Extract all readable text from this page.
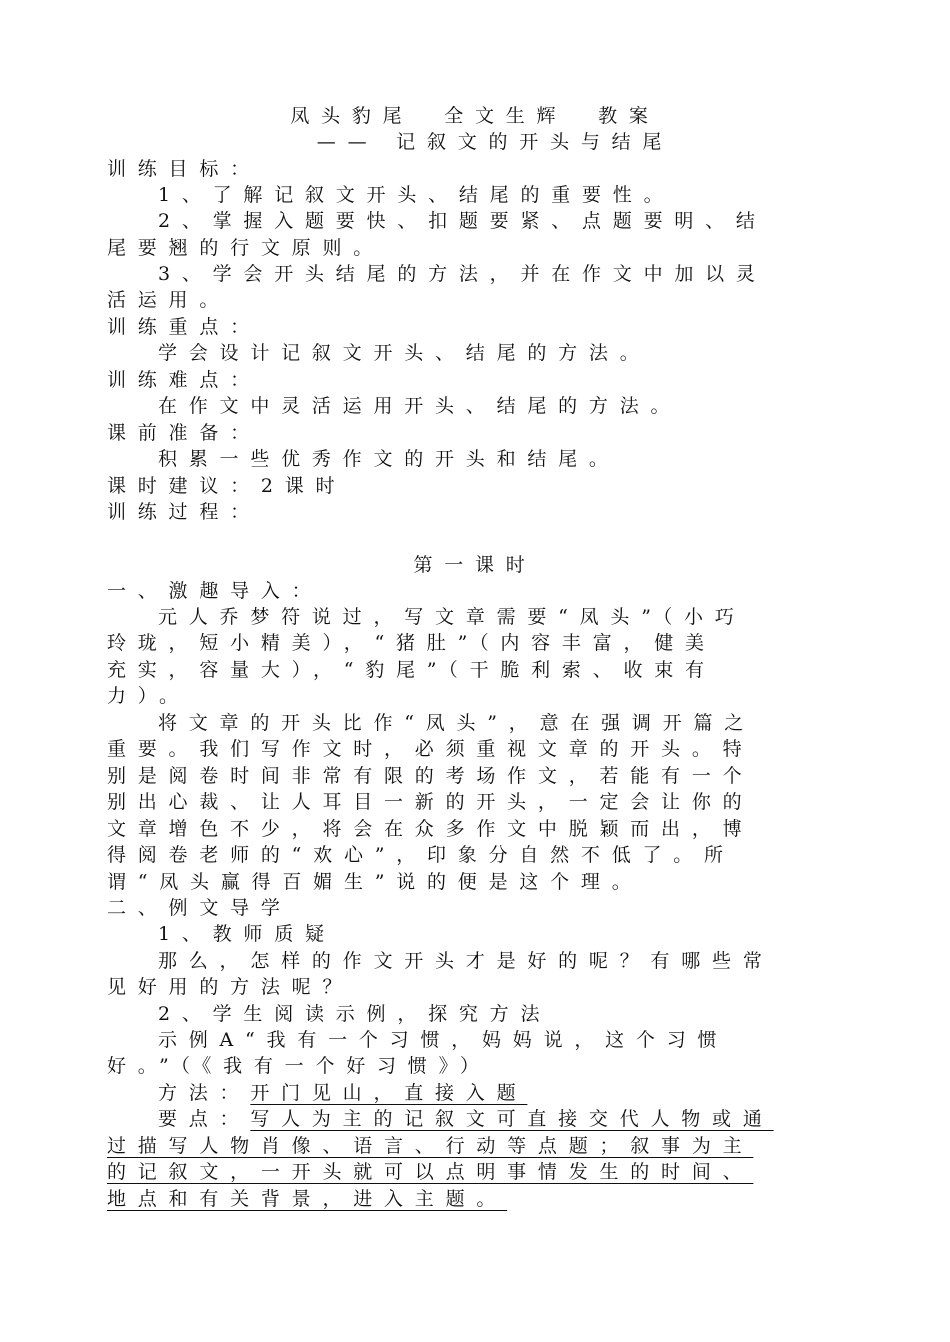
凤头豹尾　全文生辉　教案
—— 记叙文的开头与结尾
训练目标：
1、了解记叙文开头、结尾的重要性。
2、掌握入题要快、扣题要紧、点题要明、结
尾要翘的行文原则。
3、学会开头结尾的方法，并在作文中加以灵
活运用。
训练重点：
学会设计记叙文开头、结尾的方法。
训练难点：
在作文中灵活运用开头、结尾的方法。
课前准备：
积累一些优秀作文的开头和结尾。
课时建议：2课时
训练过程：
第一课时
一、激趣导入：
元人乔梦符说过，写文章需要“凤头”（小巧
玲珑，短小精美），“猪肚”（内容丰富，健美
充实，容量大），“豹尾”（干脆利索、收束有
力）。
将文章的开头比作“凤头”，意在强调开篇之
重要。我们写作文时，必须重视文章的开头。特
别是阅卷时间非常有限的考场作文，若能有一个
别出心裁、让人耳目一新的开头，一定会让你的
文章增色不少，将会在众多作文中脱颖而出，博
得阅卷老师的“欢心”，印象分自然不低了。所
谓“凤头赢得百媚生”说的便是这个理。
二、例文导学
1、教师质疑
那么，怎样的作文开头才是好的呢？有哪些常
见好用的方法呢？
2、学生阅读示例，探究方法
示例A“我有一个习惯，妈妈说，这个习惯
好。”（《我有一个好习惯》）
方法：开门见山，直接入题
要点：写人为主的记叙文可直接交代人物或通
过描写人物肖像、语言、行动等点题；叙事为主
的记叙文，一开头就可以点明事情发生的时间、
地点和有关背景，进入主题。
